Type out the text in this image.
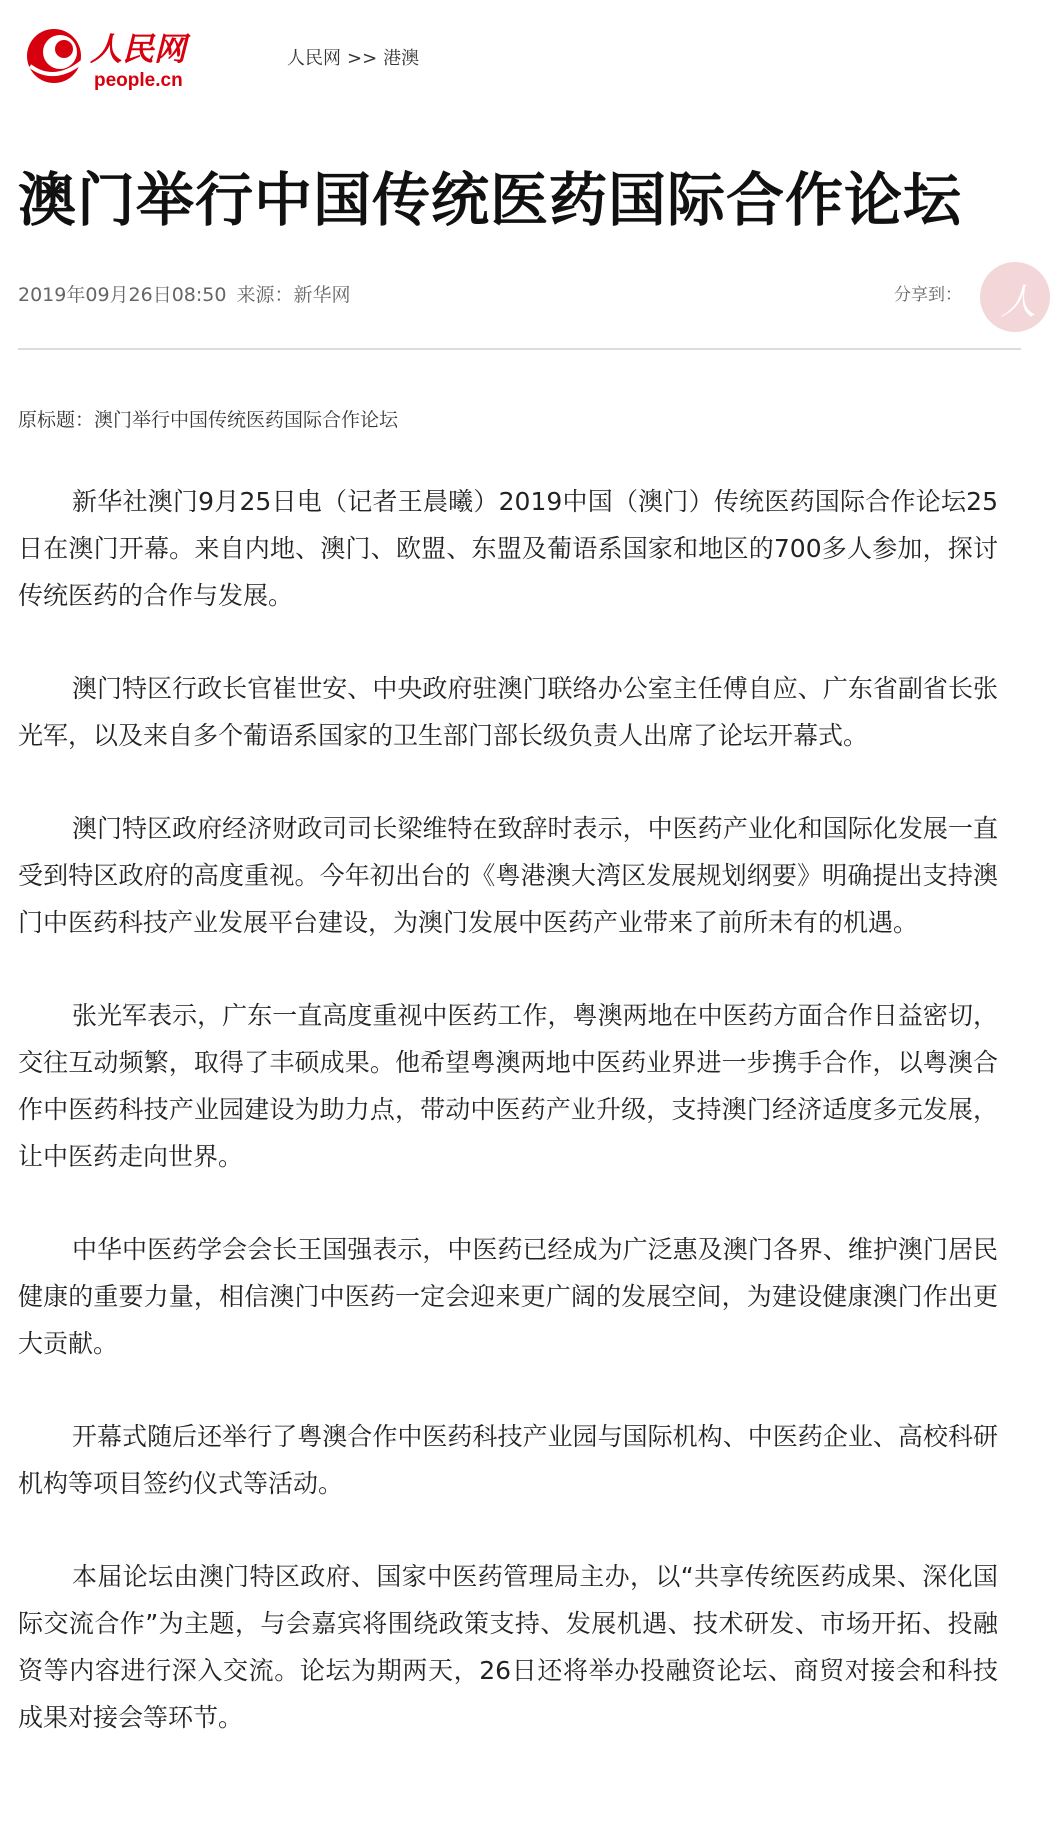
人民网
people.cn
人民网 >> 港澳
澳门举行中国传统医药国际合作论坛
2019年09月26日08:50 来源：新华网	分享到： 人
原标题：澳门举行中国传统医药国际合作论坛

新华社澳门9月25日电（记者王晨曦）2019中国（澳门）传统医药国际合作论坛25日在澳门开幕。来自内地、澳门、欧盟、东盟及葡语系国家和地区的700多人参加，探讨传统医药的合作与发展。

澳门特区行政长官崔世安、中央政府驻澳门联络办公室主任傅自应、广东省副省长张光军，以及来自多个葡语系国家的卫生部门部长级负责人出席了论坛开幕式。

澳门特区政府经济财政司司长梁维特在致辞时表示，中医药产业化和国际化发展一直受到特区政府的高度重视。今年初出台的《粤港澳大湾区发展规划纲要》明确提出支持澳门中医药科技产业发展平台建设，为澳门发展中医药产业带来了前所未有的机遇。

张光军表示，广东一直高度重视中医药工作，粤澳两地在中医药方面合作日益密切，交往互动频繁，取得了丰硕成果。他希望粤澳两地中医药业界进一步携手合作，以粤澳合作中医药科技产业园建设为助力点，带动中医药产业升级，支持澳门经济适度多元发展，让中医药走向世界。

中华中医药学会会长王国强表示，中医药已经成为广泛惠及澳门各界、维护澳门居民健康的重要力量，相信澳门中医药一定会迎来更广阔的发展空间，为建设健康澳门作出更大贡献。

开幕式随后还举行了粤澳合作中医药科技产业园与国际机构、中医药企业、高校科研机构等项目签约仪式等活动。

本届论坛由澳门特区政府、国家中医药管理局主办，以“共享传统医药成果、深化国际交流合作”为主题，与会嘉宾将围绕政策支持、发展机遇、技术研发、市场开拓、投融资等内容进行深入交流。论坛为期两天，26日还将举办投融资论坛、商贸对接会和科技成果对接会等环节。
